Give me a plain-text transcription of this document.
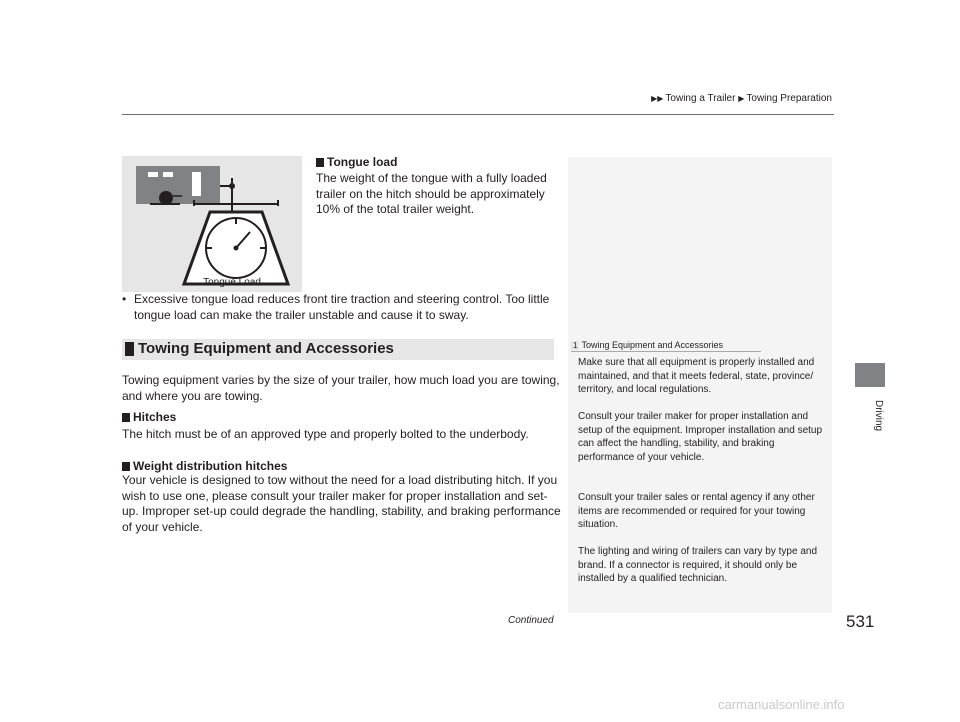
▶▶ Towing a Trailer ▶ Towing Preparation
Driving
Tongue Load
Tongue load
The weight of the tongue with a fully loaded trailer on the hitch should be approximately 10% of the total trailer weight.
• Excessive tongue load reduces front tire traction and steering control. Too little tongue load can make the trailer unstable and cause it to sway.
Towing Equipment and Accessories
Towing equipment varies by the size of your trailer, how much load you are towing, and where you are towing.
Hitches
The hitch must be of an approved type and properly bolted to the underbody.
Weight distribution hitches
Your vehicle is designed to tow without the need for a load distributing hitch. If you wish to use one, please consult your trailer maker for proper installation and set-up. Improper set-up could degrade the handling, stability, and braking performance of your vehicle.
1 Towing Equipment and Accessories
Make sure that all equipment is properly installed and maintained, and that it meets federal, state, province/ territory, and local regulations.
Consult your trailer maker for proper installation and setup of the equipment. Improper installation and setup can affect the handling, stability, and braking performance of your vehicle.
Consult your trailer sales or rental agency if any other items are recommended or required for your towing situation.
The lighting and wiring of trailers can vary by type and brand. If a connector is required, it should only be installed by a qualified technician.
Continued	531
carmanualsonline.info
